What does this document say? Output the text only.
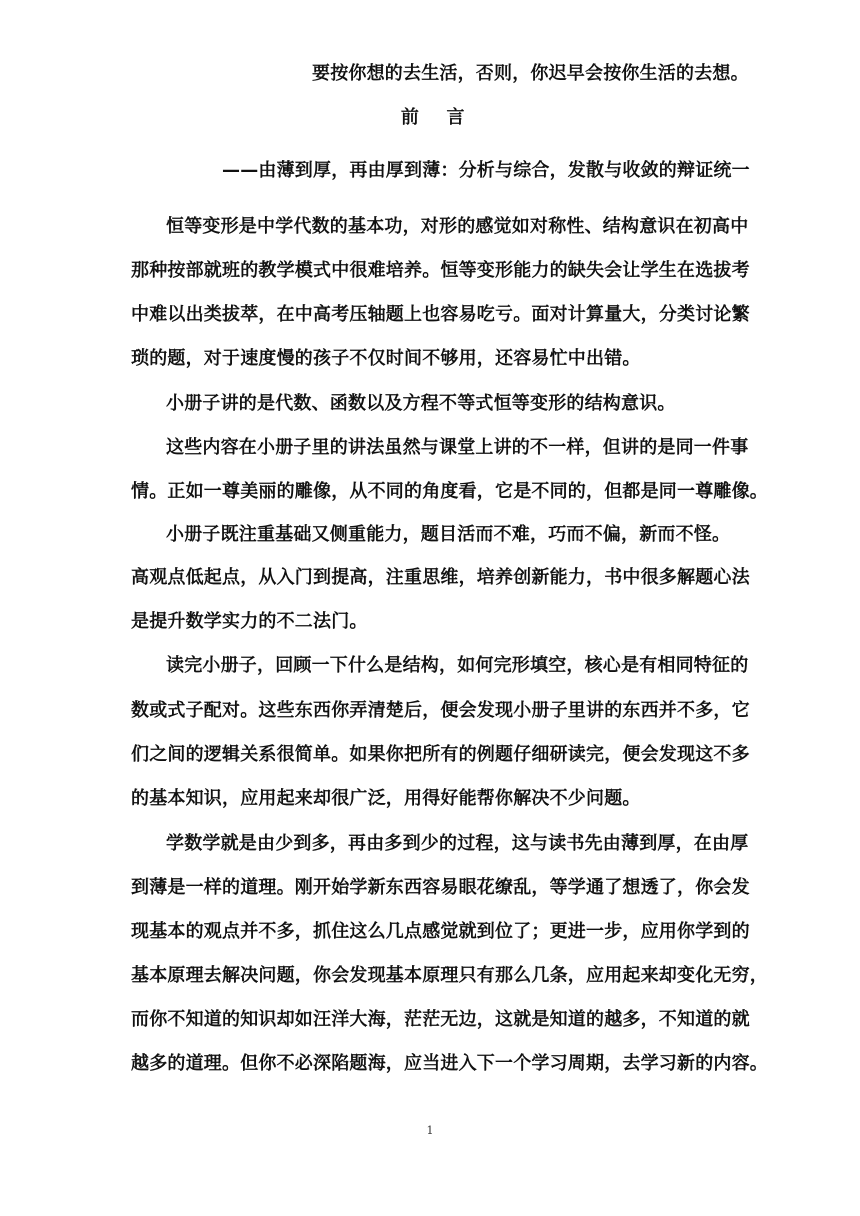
要按你想的去生活，否则，你迟早会按你生活的去想。
前 言
——由薄到厚，再由厚到薄：分析与综合，发散与收敛的辩证统一
恒等变形是中学代数的基本功，对形的感觉如对称性、结构意识在初高中
那种按部就班的教学模式中很难培养。恒等变形能力的缺失会让学生在选拔考
中难以出类拔萃，在中高考压轴题上也容易吃亏。面对计算量大，分类讨论繁
琐的题，对于速度慢的孩子不仅时间不够用，还容易忙中出错。
小册子讲的是代数、函数以及方程不等式恒等变形的结构意识。
这些内容在小册子里的讲法虽然与课堂上讲的不一样，但讲的是同一件事
情。正如一尊美丽的雕像，从不同的角度看，它是不同的，但都是同一尊雕像。
小册子既注重基础又侧重能力，题目活而不难，巧而不偏，新而不怪。
高观点低起点，从入门到提高，注重思维，培养创新能力，书中很多解题心法
是提升数学实力的不二法门。
读完小册子，回顾一下什么是结构，如何完形填空，核心是有相同特征的
数或式子配对。这些东西你弄清楚后，便会发现小册子里讲的东西并不多，它
们之间的逻辑关系很简单。如果你把所有的例题仔细研读完，便会发现这不多
的基本知识，应用起来却很广泛，用得好能帮你解决不少问题。
学数学就是由少到多，再由多到少的过程，这与读书先由薄到厚，在由厚
到薄是一样的道理。刚开始学新东西容易眼花缭乱，等学通了想透了，你会发
现基本的观点并不多，抓住这么几点感觉就到位了；更进一步，应用你学到的
基本原理去解决问题，你会发现基本原理只有那么几条，应用起来却变化无穷，
而你不知道的知识却如汪洋大海，茫茫无边，这就是知道的越多，不知道的就
越多的道理。但你不必深陷题海，应当进入下一个学习周期，去学习新的内容。
1
